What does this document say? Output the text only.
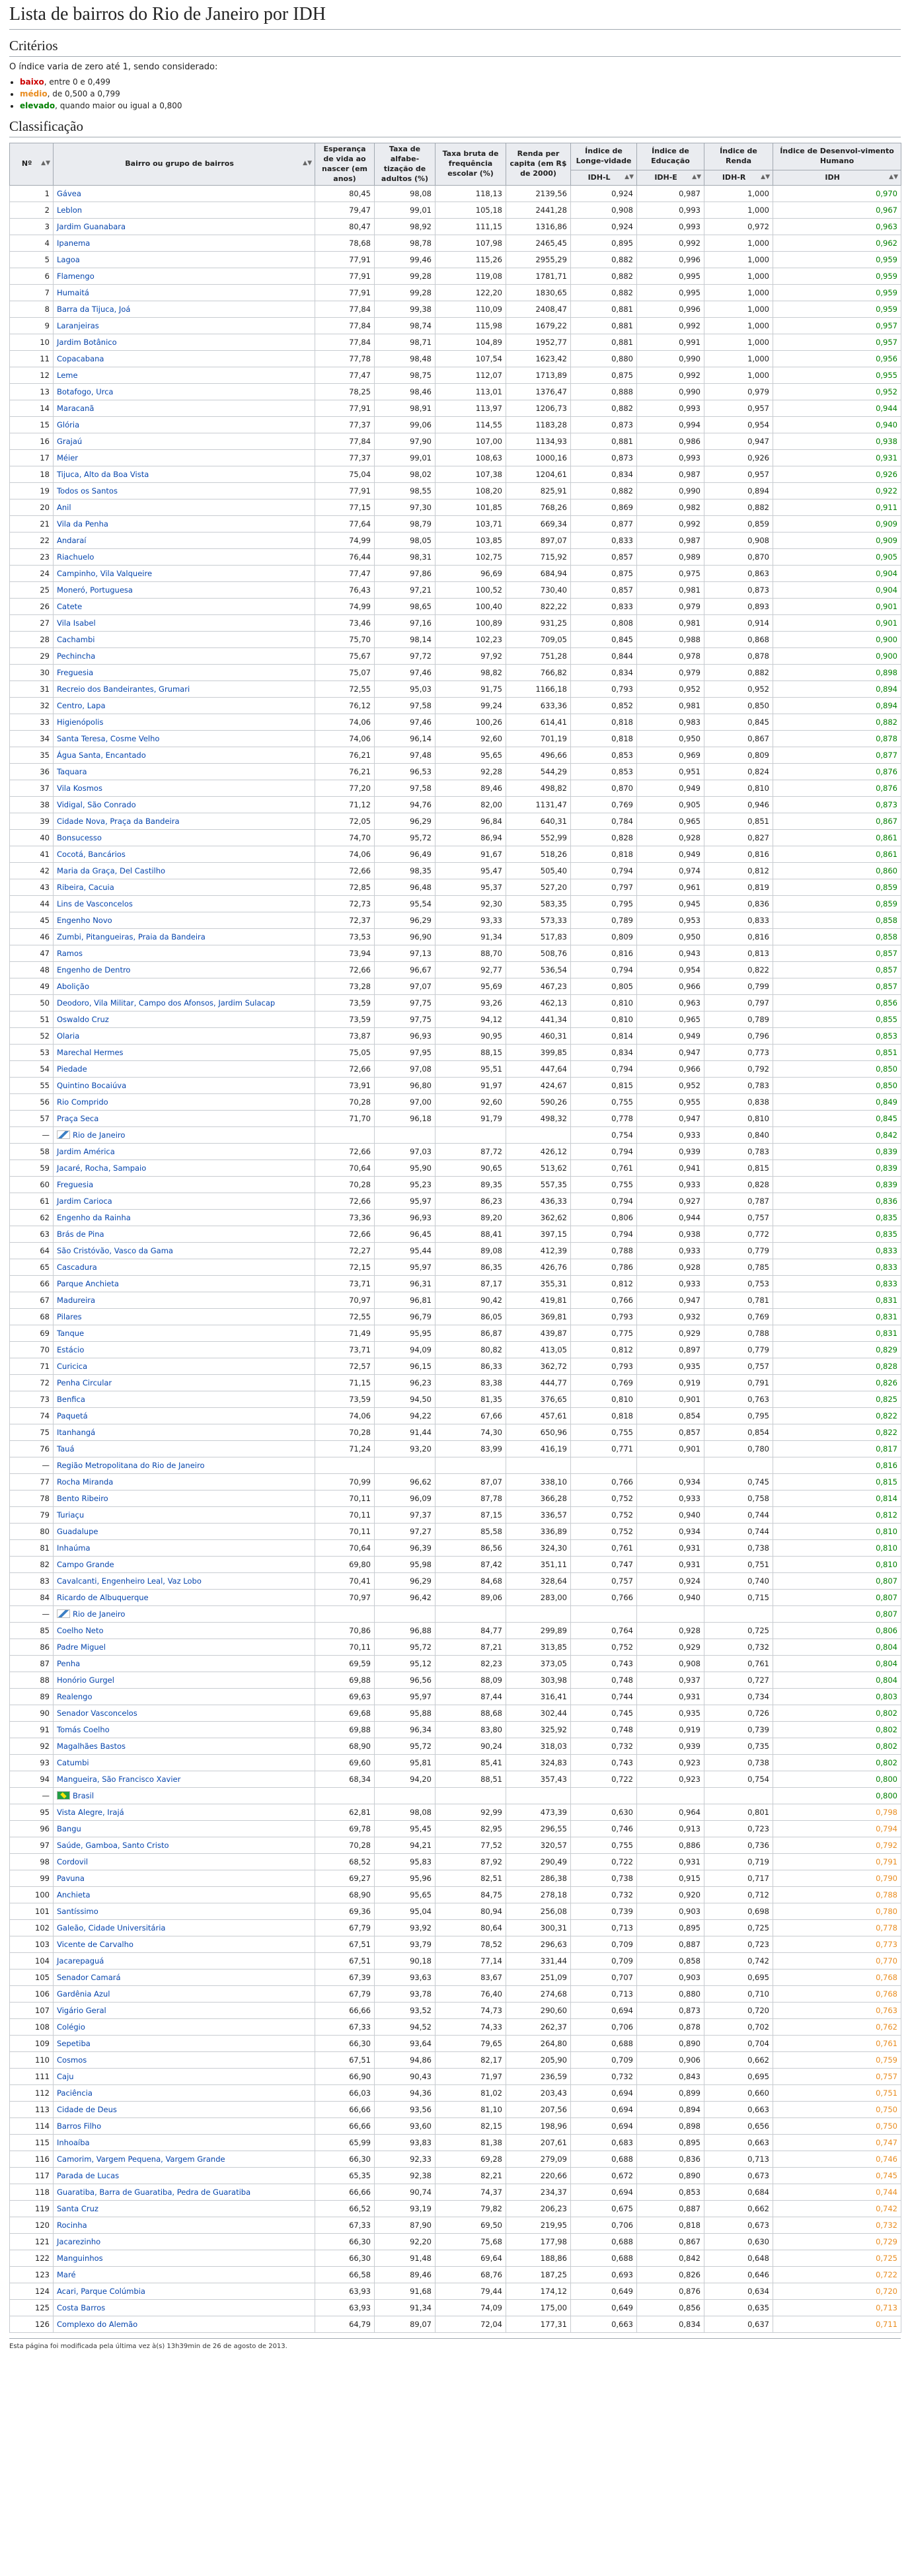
Lista de bairros do Rio de Janeiro por IDH
Critérios

O índice varia de zero até 1, sendo considerado:

• baixo, entre 0 e 0,499
• médio, de 0,500 a 0,799
• elevado, quando maior ou igual a 0,800
Classificação
Nº ▲▼	Bairro ou grupo de bairros ▲▼	Esperança de vida ao nascer (em anos)	Taxa de alfabe-tização de adultos (%)	Taxa bruta de frequência escolar (%)	Renda per capita (em R$ de 2000)	Índice de Longe-vidade	Índice de Educação	Índice de Renda	Índice de Desenvol-vimento Humano
						IDH-L ▲▼	IDH-E ▲▼	IDH-R ▲▼	IDH ▲▼

1	Gávea	80,45	98,08	118,13	2139,56	0,924	0,987	1,000	0,970
2	Leblon	79,47	99,01	105,18	2441,28	0,908	0,993	1,000	0,967
3	Jardim Guanabara	80,47	98,92	111,15	1316,86	0,924	0,993	0,972	0,963
4	Ipanema	78,68	98,78	107,98	2465,45	0,895	0,992	1,000	0,962
5	Lagoa	77,91	99,46	115,26	2955,29	0,882	0,996	1,000	0,959
6	Flamengo	77,91	99,28	119,08	1781,71	0,882	0,995	1,000	0,959
7	Humaitá	77,91	99,28	122,20	1830,65	0,882	0,995	1,000	0,959
8	Barra da Tijuca, Joá	77,84	99,38	110,09	2408,47	0,881	0,996	1,000	0,959
9	Laranjeiras	77,84	98,74	115,98	1679,22	0,881	0,992	1,000	0,957
10	Jardim Botânico	77,84	98,71	104,89	1952,77	0,881	0,991	1,000	0,957
11	Copacabana	77,78	98,48	107,54	1623,42	0,880	0,990	1,000	0,956
12	Leme	77,47	98,75	112,07	1713,89	0,875	0,992	1,000	0,955
13	Botafogo, Urca	78,25	98,46	113,01	1376,47	0,888	0,990	0,979	0,952
14	Maracanã	77,91	98,91	113,97	1206,73	0,882	0,993	0,957	0,944
15	Glória	77,37	99,06	114,55	1183,28	0,873	0,994	0,954	0,940
16	Grajaú	77,84	97,90	107,00	1134,93	0,881	0,986	0,947	0,938
17	Méier	77,37	99,01	108,63	1000,16	0,873	0,993	0,926	0,931
18	Tijuca, Alto da Boa Vista	75,04	98,02	107,38	1204,61	0,834	0,987	0,957	0,926
19	Todos os Santos	77,91	98,55	108,20	825,91	0,882	0,990	0,894	0,922
20	Anil	77,15	97,30	101,85	768,26	0,869	0,982	0,882	0,911
21	Vila da Penha	77,64	98,79	103,71	669,34	0,877	0,992	0,859	0,909
22	Andaraí	74,99	98,05	103,85	897,07	0,833	0,987	0,908	0,909
23	Riachuelo	76,44	98,31	102,75	715,92	0,857	0,989	0,870	0,905
24	Campinho, Vila Valqueire	77,47	97,86	96,69	684,94	0,875	0,975	0,863	0,904
25	Moneró, Portuguesa	76,43	97,21	100,52	730,40	0,857	0,981	0,873	0,904
26	Catete	74,99	98,65	100,40	822,22	0,833	0,979	0,893	0,901
27	Vila Isabel	73,46	97,16	100,89	931,25	0,808	0,981	0,914	0,901
28	Cachambi	75,70	98,14	102,23	709,05	0,845	0,988	0,868	0,900
29	Pechincha	75,67	97,72	97,92	751,28	0,844	0,978	0,878	0,900
30	Freguesia	75,07	97,46	98,82	766,82	0,834	0,979	0,882	0,898
31	Recreio dos Bandeirantes, Grumari	72,55	95,03	91,75	1166,18	0,793	0,952	0,952	0,894
32	Centro, Lapa	76,12	97,58	99,24	633,36	0,852	0,981	0,850	0,894
33	Higienópolis	74,06	97,46	100,26	614,41	0,818	0,983	0,845	0,882
34	Santa Teresa, Cosme Velho	74,06	96,14	92,60	701,19	0,818	0,950	0,867	0,878
35	Água Santa, Encantado	76,21	97,48	95,65	496,66	0,853	0,969	0,809	0,877
36	Taquara	76,21	96,53	92,28	544,29	0,853	0,951	0,824	0,876
37	Vila Kosmos	77,20	97,58	89,46	498,82	0,870	0,949	0,810	0,876
38	Vidigal, São Conrado	71,12	94,76	82,00	1131,47	0,769	0,905	0,946	0,873
39	Cidade Nova, Praça da Bandeira	72,05	96,29	96,84	640,31	0,784	0,965	0,851	0,867
40	Bonsucesso	74,70	95,72	86,94	552,99	0,828	0,928	0,827	0,861
41	Cocotá, Bancários	74,06	96,49	91,67	518,26	0,818	0,949	0,816	0,861
42	Maria da Graça, Del Castilho	72,66	98,35	95,47	505,40	0,794	0,974	0,812	0,860
43	Ribeira, Cacuia	72,85	96,48	95,37	527,20	0,797	0,961	0,819	0,859
44	Lins de Vasconcelos	72,73	95,54	92,30	583,35	0,795	0,945	0,836	0,859
45	Engenho Novo	72,37	96,29	93,33	573,33	0,789	0,953	0,833	0,858
46	Zumbi, Pitangueiras, Praia da Bandeira	73,53	96,90	91,34	517,83	0,809	0,950	0,816	0,858
47	Ramos	73,94	97,13	88,70	508,76	0,816	0,943	0,813	0,857
48	Engenho de Dentro	72,66	96,67	92,77	536,54	0,794	0,954	0,822	0,857
49	Abolição	73,28	97,07	95,69	467,23	0,805	0,966	0,799	0,857
50	Deodoro, Vila Militar, Campo dos Afonsos, Jardim Sulacap	73,59	97,75	93,26	462,13	0,810	0,963	0,797	0,856
51	Oswaldo Cruz	73,59	97,75	94,12	441,34	0,810	0,965	0,789	0,855
52	Olaria	73,87	96,93	90,95	460,31	0,814	0,949	0,796	0,853
53	Marechal Hermes	75,05	97,95	88,15	399,85	0,834	0,947	0,773	0,851
54	Piedade	72,66	97,08	95,51	447,64	0,794	0,966	0,792	0,850
55	Quintino Bocaiúva	73,91	96,80	91,97	424,67	0,815	0,952	0,783	0,850
56	Rio Comprido	70,28	97,00	92,60	590,26	0,755	0,955	0,838	0,849
57	Praça Seca	71,70	96,18	91,79	498,32	0,778	0,947	0,810	0,845
—	Rio de Janeiro					0,754	0,933	0,840	0,842
58	Jardim América	72,66	97,03	87,72	426,12	0,794	0,939	0,783	0,839
59	Jacaré, Rocha, Sampaio	70,64	95,90	90,65	513,62	0,761	0,941	0,815	0,839
60	Freguesia	70,28	95,23	89,35	557,35	0,755	0,933	0,828	0,839
61	Jardim Carioca	72,66	95,97	86,23	436,33	0,794	0,927	0,787	0,836
62	Engenho da Rainha	73,36	96,93	89,20	362,62	0,806	0,944	0,757	0,835
63	Brás de Pina	72,66	96,45	88,41	397,15	0,794	0,938	0,772	0,835
64	São Cristóvão, Vasco da Gama	72,27	95,44	89,08	412,39	0,788	0,933	0,779	0,833
65	Cascadura	72,15	95,97	86,35	426,76	0,786	0,928	0,785	0,833
66	Parque Anchieta	73,71	96,31	87,17	355,31	0,812	0,933	0,753	0,833
67	Madureira	70,97	96,81	90,42	419,81	0,766	0,947	0,781	0,831
68	Pilares	72,55	96,79	86,05	369,81	0,793	0,932	0,769	0,831
69	Tanque	71,49	95,95	86,87	439,87	0,775	0,929	0,788	0,831
70	Estácio	73,71	94,09	80,82	413,05	0,812	0,897	0,779	0,829
71	Curicica	72,57	96,15	86,33	362,72	0,793	0,935	0,757	0,828
72	Penha Circular	71,15	96,23	83,38	444,77	0,769	0,919	0,791	0,826
73	Benfica	73,59	94,50	81,35	376,65	0,810	0,901	0,763	0,825
74	Paquetá	74,06	94,22	67,66	457,61	0,818	0,854	0,795	0,822
75	Itanhangá	70,28	91,44	74,30	650,96	0,755	0,857	0,854	0,822
76	Tauá	71,24	93,20	83,99	416,19	0,771	0,901	0,780	0,817
—	Região Metropolitana do Rio de Janeiro								0,816
77	Rocha Miranda	70,99	96,62	87,07	338,10	0,766	0,934	0,745	0,815
78	Bento Ribeiro	70,11	96,09	87,78	366,28	0,752	0,933	0,758	0,814
79	Turiaçu	70,11	97,37	87,15	336,57	0,752	0,940	0,744	0,812
80	Guadalupe	70,11	97,27	85,58	336,89	0,752	0,934	0,744	0,810
81	Inhaúma	70,64	96,39	86,56	324,30	0,761	0,931	0,738	0,810
82	Campo Grande	69,80	95,98	87,42	351,11	0,747	0,931	0,751	0,810
83	Cavalcanti, Engenheiro Leal, Vaz Lobo	70,41	96,29	84,68	328,64	0,757	0,924	0,740	0,807
84	Ricardo de Albuquerque	70,97	96,42	89,06	283,00	0,766	0,940	0,715	0,807
—	Rio de Janeiro								0,807
85	Coelho Neto	70,86	96,88	84,77	299,89	0,764	0,928	0,725	0,806
86	Padre Miguel	70,11	95,72	87,21	313,85	0,752	0,929	0,732	0,804
87	Penha	69,59	95,12	82,23	373,05	0,743	0,908	0,761	0,804
88	Honório Gurgel	69,88	96,56	88,09	303,98	0,748	0,937	0,727	0,804
89	Realengo	69,63	95,97	87,44	316,41	0,744	0,931	0,734	0,803
90	Senador Vasconcelos	69,68	95,88	88,68	302,44	0,745	0,935	0,726	0,802
91	Tomás Coelho	69,88	96,34	83,80	325,92	0,748	0,919	0,739	0,802
92	Magalhães Bastos	68,90	95,72	90,24	318,03	0,732	0,939	0,735	0,802
93	Catumbi	69,60	95,81	85,41	324,83	0,743	0,923	0,738	0,802
94	Mangueira, São Francisco Xavier	68,34	94,20	88,51	357,43	0,722	0,923	0,754	0,800
—	Brasil								0,800
95	Vista Alegre, Irajá	62,81	98,08	92,99	473,39	0,630	0,964	0,801	0,798
96	Bangu	69,78	95,45	82,95	296,55	0,746	0,913	0,723	0,794
97	Saúde, Gamboa, Santo Cristo	70,28	94,21	77,52	320,57	0,755	0,886	0,736	0,792
98	Cordovil	68,52	95,83	87,92	290,49	0,722	0,931	0,719	0,791
99	Pavuna	69,27	95,96	82,51	286,38	0,738	0,915	0,717	0,790
100	Anchieta	68,90	95,65	84,75	278,18	0,732	0,920	0,712	0,788
101	Santíssimo	69,36	95,04	80,94	256,08	0,739	0,903	0,698	0,780
102	Galeão, Cidade Universitária	67,79	93,92	80,64	300,31	0,713	0,895	0,725	0,778
103	Vicente de Carvalho	67,51	93,79	78,52	296,63	0,709	0,887	0,723	0,773
104	Jacarepaguá	67,51	90,18	77,14	331,44	0,709	0,858	0,742	0,770
105	Senador Camará	67,39	93,63	83,67	251,09	0,707	0,903	0,695	0,768
106	Gardênia Azul	67,79	93,78	76,40	274,68	0,713	0,880	0,710	0,768
107	Vigário Geral	66,66	93,52	74,73	290,60	0,694	0,873	0,720	0,763
108	Colégio	67,33	94,52	74,33	262,37	0,706	0,878	0,702	0,762
109	Sepetiba	66,30	93,64	79,65	264,80	0,688	0,890	0,704	0,761
110	Cosmos	67,51	94,86	82,17	205,90	0,709	0,906	0,662	0,759
111	Caju	66,90	90,43	71,97	236,59	0,732	0,843	0,695	0,757
112	Paciência	66,03	94,36	81,02	203,43	0,694	0,899	0,660	0,751
113	Cidade de Deus	66,66	93,56	81,10	207,56	0,694	0,894	0,663	0,750
114	Barros Filho	66,66	93,60	82,15	198,96	0,694	0,898	0,656	0,750
115	Inhoaíba	65,99	93,83	81,38	207,61	0,683	0,895	0,663	0,747
116	Camorim, Vargem Pequena, Vargem Grande	66,30	92,33	69,28	279,09	0,688	0,836	0,713	0,746
117	Parada de Lucas	65,35	92,38	82,21	220,66	0,672	0,890	0,673	0,745
118	Guaratiba, Barra de Guaratiba, Pedra de Guaratiba	66,66	90,74	74,37	234,37	0,694	0,853	0,684	0,744
119	Santa Cruz	66,52	93,19	79,82	206,23	0,675	0,887	0,662	0,742
120	Rocinha	67,33	87,90	69,50	219,95	0,706	0,818	0,673	0,732
121	Jacarezinho	66,30	92,20	75,68	177,98	0,688	0,867	0,630	0,729
122	Manguinhos	66,30	91,48	69,64	188,86	0,688	0,842	0,648	0,725
123	Maré	66,58	89,46	68,76	187,25	0,693	0,826	0,646	0,722
124	Acari, Parque Colúmbia	63,93	91,68	79,44	174,12	0,649	0,876	0,634	0,720
125	Costa Barros	63,93	91,34	74,09	175,00	0,649	0,856	0,635	0,713
126	Complexo do Alemão	64,79	89,07	72,04	177,31	0,663	0,834	0,637	0,711
Esta página foi modificada pela última vez à(s) 13h39min de 26 de agosto de 2013.
